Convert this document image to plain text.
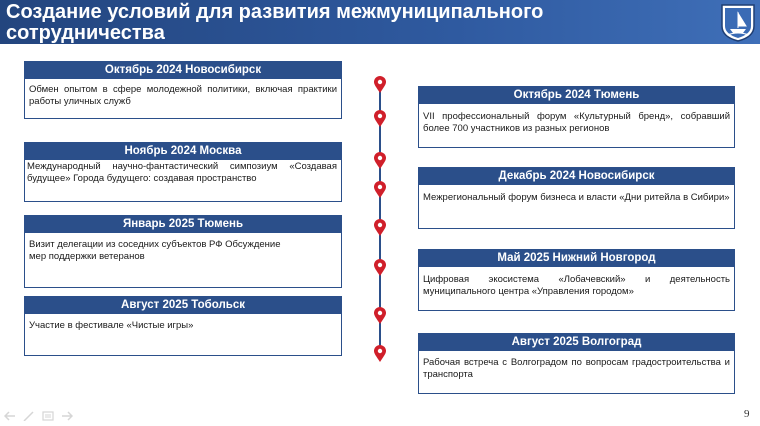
Создание условий для развития межмуниципального сотрудничества
Октябрь 2024 Новосибирск
Обмен опытом в сфере молодежной политики, включая практики работы уличных служб
Ноябрь 2024 Москва
Международный научно-фантастический симпозиум «Создавая будущее» Города будущего: создавая пространство
Январь 2025 Тюмень
Визит делегации из соседних субъектов РФ Обсуждение мер поддержки ветеранов
Август 2025 Тобольск
Участие в фестивале «Чистые игры»
Октябрь 2024 Тюмень
VII профессиональный форум «Культурный бренд», собравший более 700 участников из разных регионов
Декабрь 2024 Новосибирск
Межрегиональный форум бизнеса и власти «Дни ритейла в Сибири»
Май 2025 Нижний Новгород
Цифровая экосистема «Лобачевский» и деятельность муниципального центра «Управления городом»
Август 2025 Волгоград
Рабочая встреча с Волгоградом по вопросам градостроительства и транспорта
9
